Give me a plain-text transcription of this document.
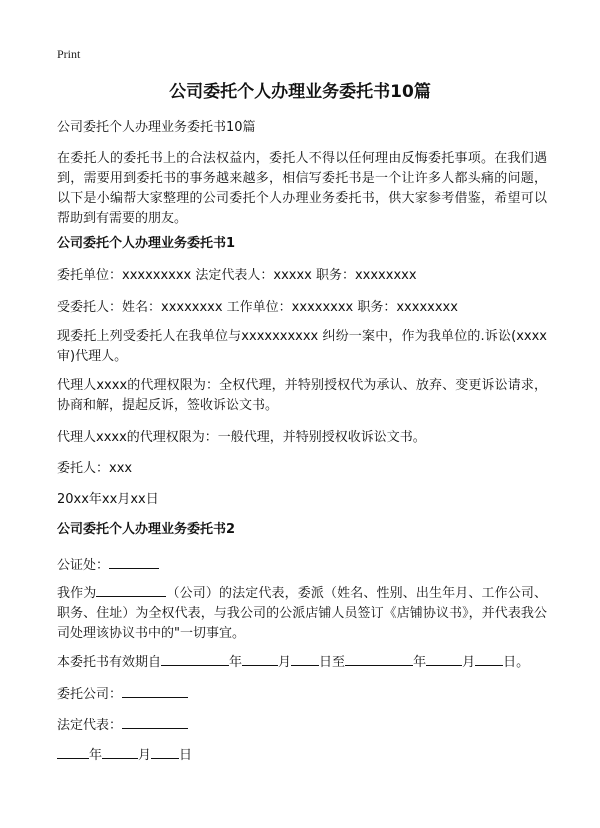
Print
公司委托个人办理业务委托书10篇
公司委托个人办理业务委托书10篇
在委托人的委托书上的合法权益内，委托人不得以任何理由反悔委托事项。在我们遇到，需要用到委托书的事务越来越多，相信写委托书是一个让许多人都头痛的问题，以下是小编帮大家整理的公司委托个人办理业务委托书，供大家参考借鉴，希望可以帮助到有需要的朋友。
公司委托个人办理业务委托书1
委托单位：xxxxxxxxx 法定代表人：xxxxx 职务：xxxxxxxx
受委托人：姓名：xxxxxxxx 工作单位：xxxxxxxx 职务：xxxxxxxx
现委托上列受委托人在我单位与xxxxxxxxxx 纠纷一案中，作为我单位的.诉讼(xxxx审)代理人。
代理人xxxx的代理权限为：全权代理，并特别授权代为承认、放弃、变更诉讼请求，协商和解，提起反诉，签收诉讼文书。
代理人xxxx的代理权限为：一般代理，并特别授权收诉讼文书。
委托人：xxx
20xx年xx月xx日
公司委托个人办理业务委托书2
公证处：
我作为	（公司）的法定代表，委派（姓名、性别、出生年月、工作公司、职务、住址）为全权代表，与我公司的公派店铺人员签订《店铺协议书》，并代表我公司处理该协议书中的"一切事宜。
本委托书有效期自	年	月 日至	年	月 日。
委托公司：
法定代表：
年	月 日
